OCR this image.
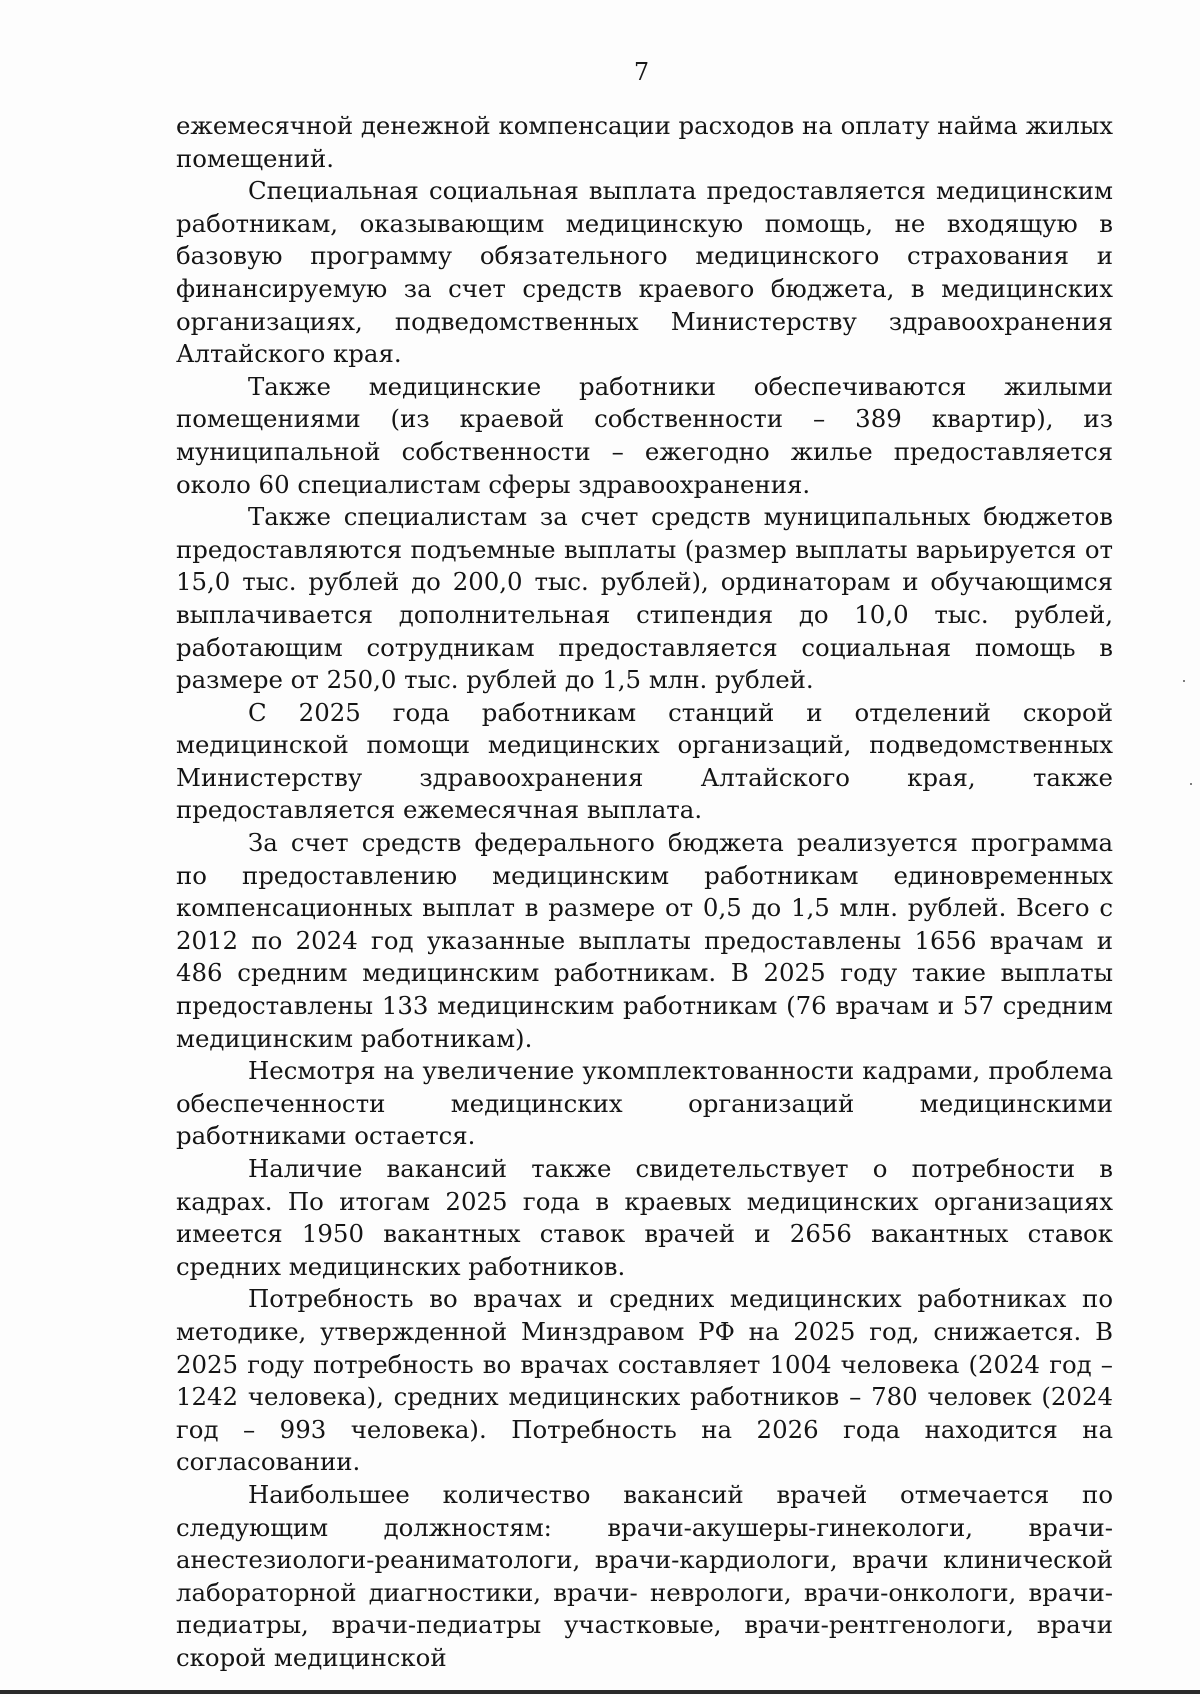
7

ежемесячной денежной компенсации расходов на оплату найма жилых помещений.

Специальная социальная выплата предоставляется медицинским работникам, оказывающим медицинскую помощь, не входящую в базовую программу обязательного медицинского страхования и финансируемую за счет средств краевого бюджета, в медицинских организациях, подведомственных Министерству здравоохранения Алтайского края.

Также медицинские работники обеспечиваются жилыми помещениями (из краевой собственности – 389 квартир), из муниципальной собственности – ежегодно жилье предоставляется около 60 специалистам сферы здравоохранения.

Также специалистам за счет средств муниципальных бюджетов предоставляются подъемные выплаты (размер выплаты варьируется от 15,0 тыс. рублей до 200,0 тыс. рублей), ординаторам и обучающимся выплачивается дополнительная стипендия до 10,0 тыс. рублей, работающим сотрудникам предоставляется социальная помощь в размере от 250,0 тыс. рублей до 1,5 млн. рублей.

С 2025 года работникам станций и отделений скорой медицинской помощи медицинских организаций, подведомственных Министерству здравоохранения Алтайского края, также предоставляется ежемесячная выплата.

За счет средств федерального бюджета реализуется программа по предоставлению медицинским работникам единовременных компенсационных выплат в размере от 0,5 до 1,5 млн. рублей. Всего с 2012 по 2024 год указанные выплаты предоставлены 1656 врачам и 486 средним медицинским работникам. В 2025 году такие выплаты предоставлены 133 медицинским работникам (76 врачам и 57 средним медицинским работникам).

Несмотря на увеличение укомплектованности кадрами, проблема обеспеченности медицинских организаций медицинскими работниками остается.

Наличие вакансий также свидетельствует о потребности в кадрах. По итогам 2025 года в краевых медицинских организациях имеется 1950 вакантных ставок врачей и 2656 вакантных ставок средних медицинских работников.

Потребность во врачах и средних медицинских работниках по методике, утвержденной Минздравом РФ на 2025 год, снижается. В 2025 году потребность во врачах составляет 1004 человека (2024 год – 1242 человека), средних медицинских работников – 780 человек (2024 год – 993 человека). Потребность на 2026 года находится на согласовании.

Наибольшее количество вакансий врачей отмечается по следующим должностям: врачи-акушеры-гинекологи, врачи-анестезиологи-реаниматологи, врачи-кардиологи, врачи клинической лабораторной диагностики, врачи- неврологи, врачи-онкологи, врачи-педиатры, врачи-педиатры участковые, врачи-рентгенологи, врачи скорой медицинской
